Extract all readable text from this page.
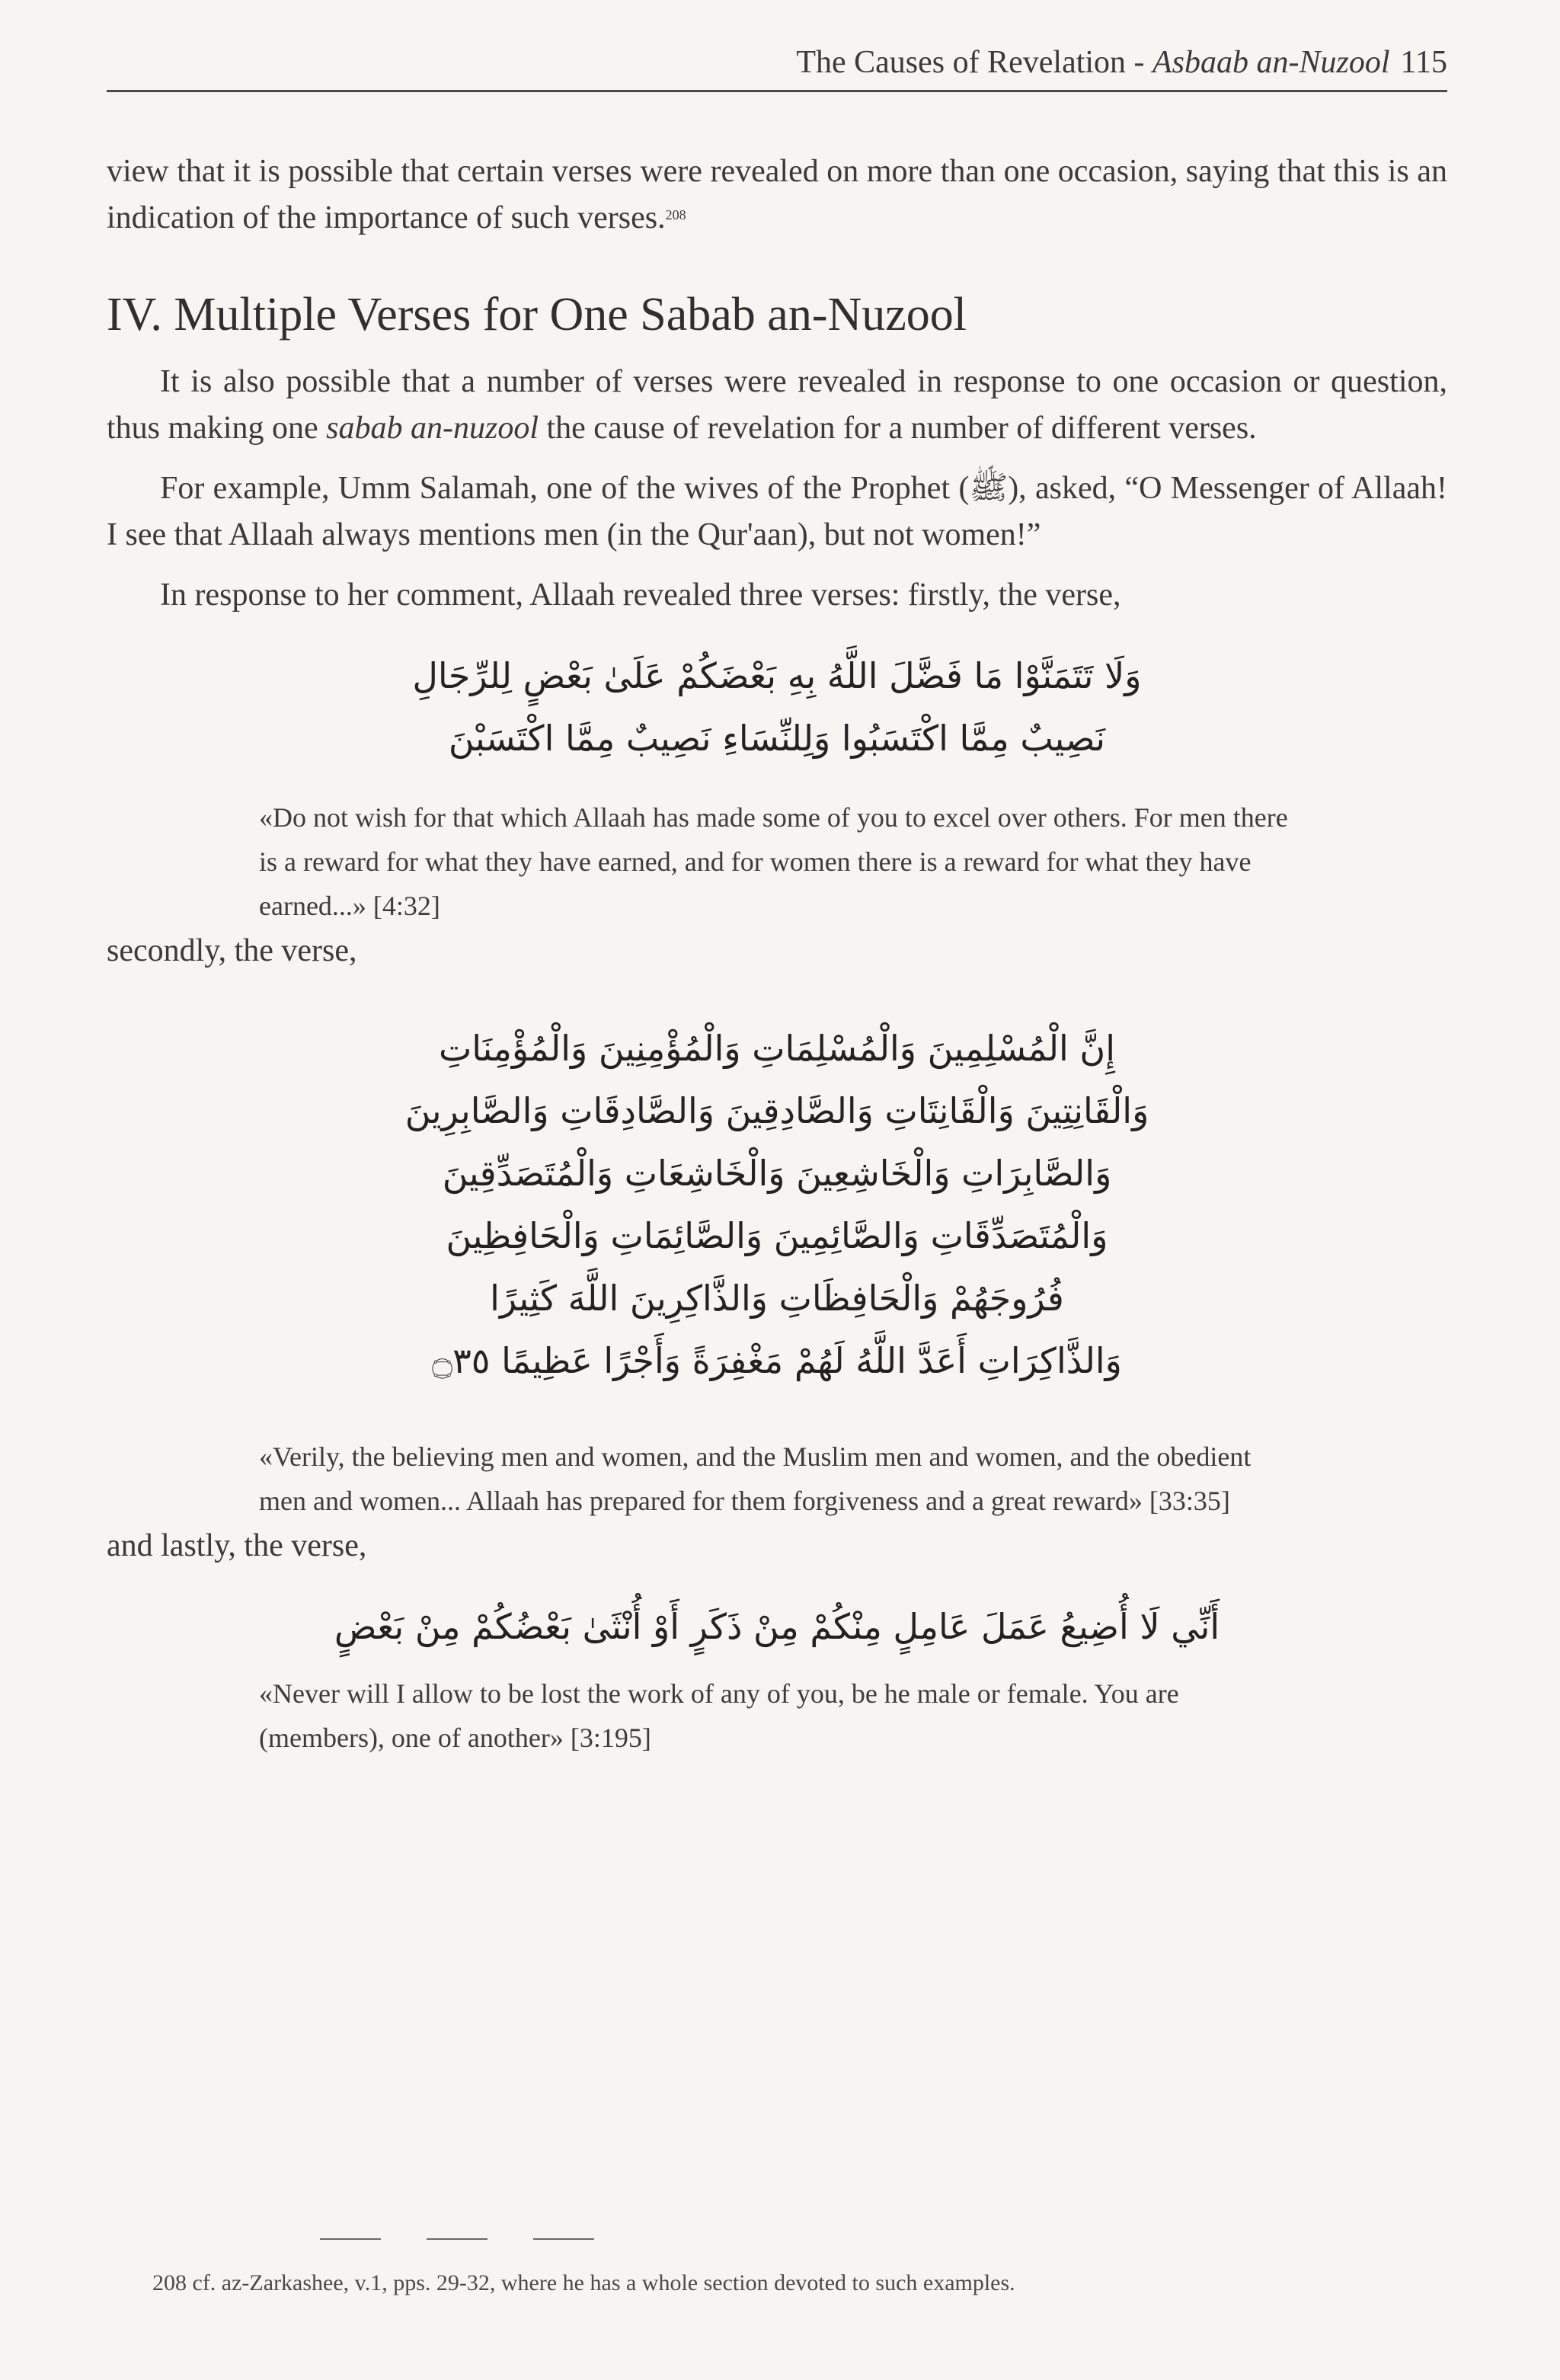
The Causes of Revelation - Asbaab an-Nuzool 115

view that it is possible that certain verses were revealed on more than one occasion, saying that this is an indication of the importance of such verses.$^{208}$

IV. Multiple Verses for One Sabab an-Nuzool

It is also possible that a number of verses were revealed in response to one occasion or question, thus making one sabab an-nuzool the cause of revelation for a number of different verses.

For example, Umm Salamah, one of the wives of the Prophet (ﷺ), asked, “O Messenger of Allaah! I see that Allaah always mentions men (in the Qur'aan), but not women!”

In response to her comment, Allaah revealed three verses: firstly, the verse,

وَلَا تَتَمَنَّوْا مَا فَضَّلَ اللَّهُ بِهِ بَعْضَكُمْ عَلَىٰ بَعْضٍ لِلرِّجَالِ
نَصِيبٌ مِمَّا اكْتَسَبُوا وَلِلنِّسَاءِ نَصِيبٌ مِمَّا اكْتَسَبْنَ

«Do not wish for that which Allaah has made some of you to excel over others. For men there is a reward for what they have earned, and for women there is a reward for what they have earned...» [4:32]

secondly, the verse,

إِنَّ الْمُسْلِمِينَ وَالْمُسْلِمَاتِ وَالْمُؤْمِنِينَ وَالْمُؤْمِنَاتِ
وَالْقَانِتِينَ وَالْقَانِتَاتِ وَالصَّادِقِينَ وَالصَّادِقَاتِ وَالصَّابِرِينَ
وَالصَّابِرَاتِ وَالْخَاشِعِينَ وَالْخَاشِعَاتِ وَالْمُتَصَدِّقِينَ
وَالْمُتَصَدِّقَاتِ وَالصَّائِمِينَ وَالصَّائِمَاتِ وَالْحَافِظِينَ
فُرُوجَهُمْ وَالْحَافِظَاتِ وَالذَّاكِرِينَ اللَّهَ كَثِيرًا
وَالذَّاكِرَاتِ أَعَدَّ اللَّهُ لَهُمْ مَغْفِرَةً وَأَجْرًا عَظِيمًا ۝٣٥

«Verily, the believing men and women, and the Muslim men and women, and the obedient men and women... Allaah has prepared for them forgiveness and a great reward» [33:35]

and lastly, the verse,

أَنِّي لَا أُضِيعُ عَمَلَ عَامِلٍ مِنْكُمْ مِنْ ذَكَرٍ أَوْ أُنْثَىٰ بَعْضُكُمْ مِنْ بَعْضٍ

«Never will I allow to be lost the work of any of you, be he male or female. You are (members), one of another» [3:195]

208 cf. az-Zarkashee, v.1, pps. 29-32, where he has a whole section devoted to such examples.
